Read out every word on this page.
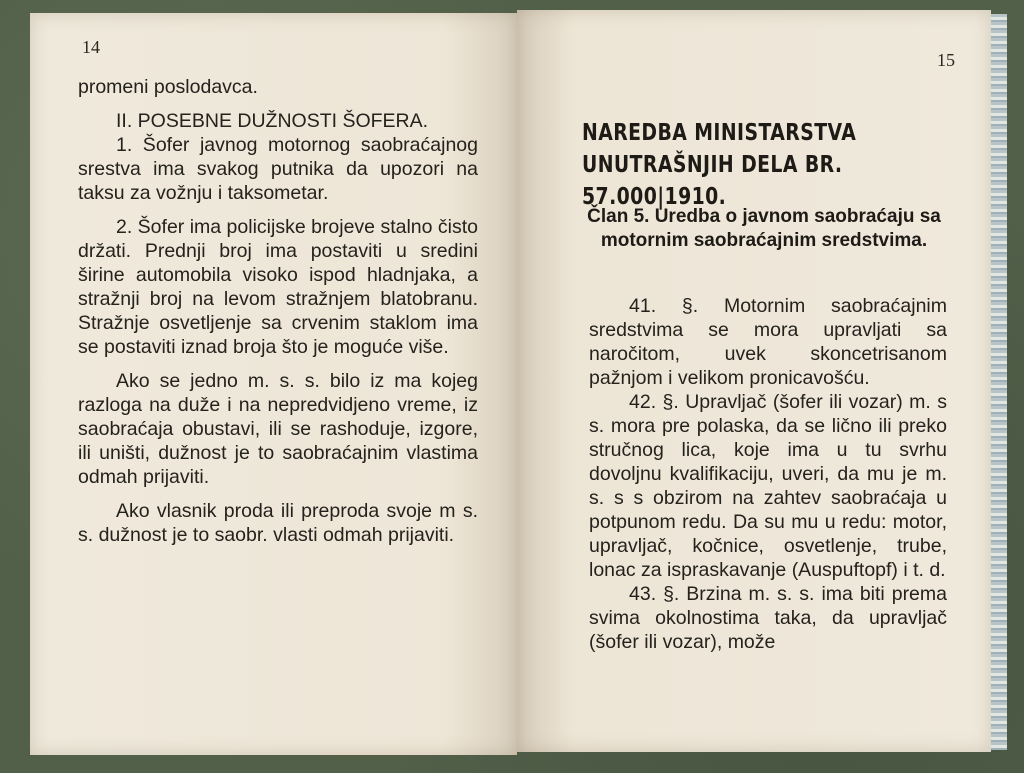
14

promeni poslodavca.

II. POSEBNE DUŽNOSTI ŠOFERA.

1. Šofer javnog motornog saobraćajnog srestva ima svakog putnika da upozori na taksu za vožnju i taksometar.

2. Šofer ima policijske brojeve stalno čisto držati. Prednji broj ima postaviti u sredini širine automobila visoko ispod hladnjaka, a stražnji broj na levom stražnjem blatobranu. Stražnje osvetljenje sa crvenim staklom ima se postaviti iznad broja što je moguće više.

Ako se jedno m. s. s. bilo iz ma kojeg razloga na duže i na nepredvidjeno vreme, iz saobraćaja obustavi, ili se rashoduje, izgore, ili uništi, dužnost je to saobraćajnim vlastima odmah prijaviti.

Ako vlasnik proda ili preproda svoje m s. s. dužnost je to saobr. vlasti odmah prijaviti.

15
NAREDBA MINISTARSTVA UNUTRAŠNJIH DELA BR. 57.000|1910.
Član 5. Uredba o javnom saobraćaju sa motornim saobraćajnim sredstvima.

41. §. Motornim saobraćajnim sredstvima se mora upravljati sa naročitom, uvek skoncetrisanom pažnjom i velikom pronicavošću.

42. §. Upravljač (šofer ili vozar) m. s s. mora pre polaska, da se lično ili preko stručnog lica, koje ima u tu svrhu dovoljnu kvalifikaciju, uveri, da mu je m. s. s s obzirom na zahtev saobraćaja u potpunom redu. Da su mu u redu: motor, upravljač, kočnice, osvetlenje, trube, lonac za ispraskavanje (Auspuftopf) i t. d.

43. §. Brzina m. s. s. ima biti prema svima okolnostima taka, da upravljač (šofer ili vozar), može
